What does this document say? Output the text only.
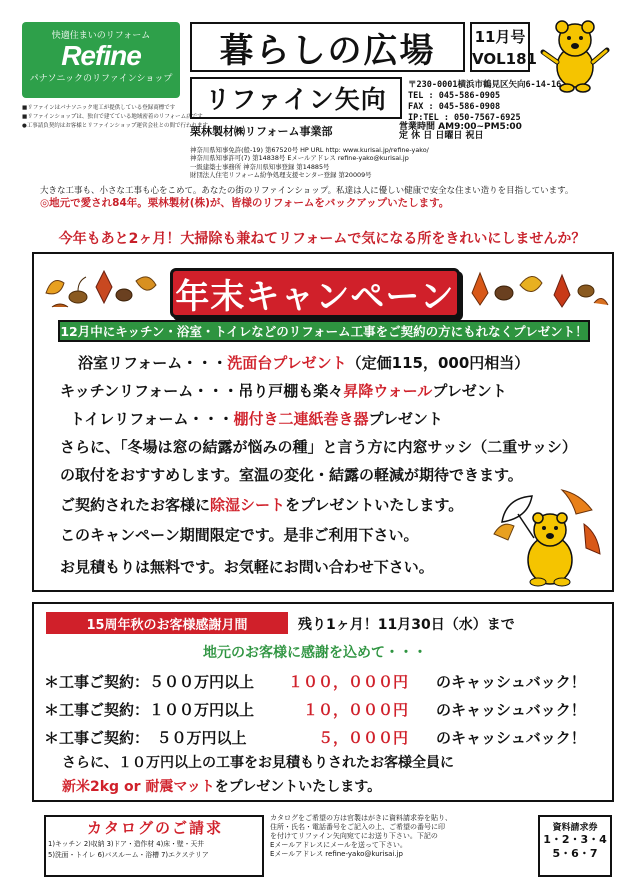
快適住まいのリフォーム
Refine
パナソニックのリファインショップ
■リファインはパナソニック電工が提供している登録商標です
■リファインショップは、独自で建てている地域密着のリフォーム店です
●工事請負契約はお客様とリファインショップ運営会社との間で行われます。
暮らしの広場	11月号
VOL181
リファイン矢向	〒230-0001横浜市鶴見区矢向6-14-16
TEL : 045-586-0905
FAX : 045-586-0908
IP:TEL : 050-7567-6925
栗林製材㈱リフォーム事業部	営業時間 AM9:00~PM5:00
定 休 日 日曜日 祝日
神奈川県知事免許(般-19) 第67520号 HP URL http: www.kurisai.jp/refine-yako/
神奈川県知事許可(7) 第14838号 Eメールアドレス refine-yako@kurisai.jp
一級建築士事務所 神奈川県知事登録 第14885号
財団法人住宅リフォーム紛争処理支援センター登録 第20009号
大きな工事も、小さな工事も心をこめて。あなたの街のリファインショップ。私達は人に優しい健康で安全な住まい造りを目指しています。
◎地元で愛され84年。栗林製材(株)が、皆様のリフォームをバックアップいたします。
今年もあと2ヶ月！大掃除も兼ねてリフォームで気になる所をきれいにしませんか？
年末キャンペーン
12月中にキッチン・浴室・トイレなどのリフォーム工事をご契約の方にもれなくプレゼント！
浴室リフォーム・・・洗面台プレゼント（定価115，000円相当）
キッチンリフォーム・・・吊り戸棚も楽々昇降ウォールプレゼント
トイレリフォーム・・・棚付き二連紙巻き器プレゼント
さらに、「冬場は窓の結露が悩みの種」と言う方に内窓サッシ（二重サッシ）
の取付をおすすめします。室温の変化・結露の軽減が期待できます。
ご契約されたお客様に除湿シートをプレゼントいたします。
このキャンペーン期間限定です。是非ご利用下さい。
お見積もりは無料です。お気軽にお問い合わせ下さい。
15周年秋のお客様感謝月間	残り1ヶ月！11月30日（水）まで
地元のお客様に感謝を込めて・・・
＊工事ご契約：５００万円以上 １００，０００円 のキャッシュバック！
＊工事ご契約：１００万円以上 　１０，０００円 のキャッシュバック！
＊工事ご契約：　５０万円以上	　　５，０００円 のキャッシュバック！
さらに、１０万円以上の工事をお見積もりされたお客様全員に
新米2kg or 耐震マットをプレゼントいたします。
カタログのご請求
1)キッチン 2)収納 3)ドア・造作材 4)床・壁・天井
5)洗面・トイレ 6)バスルーム・浴槽 7)エクステリア
カタログをご希望の方は官製はがきに資料請求券を貼り、
住所・氏名・電話番号をご記入の上、ご希望の番号に印
を付けてリファイン矢向宛てにお送り下さい。下記の
Eメールアドレスにメールを送って下さい。
Eメールアドレス refine-yako@kurisai.jp
資料請求券
1・2・3・4
5・6・7
